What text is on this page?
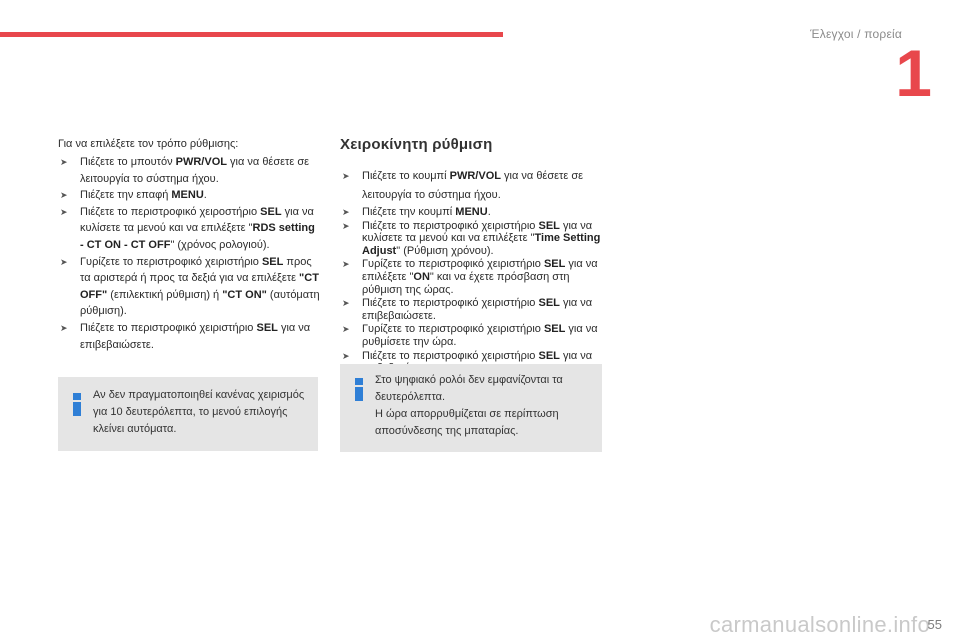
Έλεγχοι / πορεία
1

Για να επιλέξετε τον τρόπο ρύθμισης:

➤ Πιέζετε το μπουτόν PWR/VOL για να θέσετε σε λειτουργία το σύστημα ήχου.
➤ Πιέζετε την επαφή MENU.
➤ Πιέζετε το περιστροφικό χειροστήριο SEL για να κυλίσετε τα μενού και να επιλέξετε "RDS setting - CT ON - CT OFF" (χρόνος ρολογιού).
➤ Γυρίζετε το περιστροφικό χειριστήριο SEL προς τα αριστερά ή προς τα δεξιά για να επιλέξετε "CT OFF" (επιλεκτική ρύθμιση) ή "CT ON" (αυτόματη ρύθμιση).
➤ Πιέζετε το περιστροφικό χειριστήριο SEL για να επιβεβαιώσετε.

Αν δεν πραγματοποιηθεί κανένας χειρισμός για 10 δευτερόλεπτα, το μενού επιλογής κλείνει αυτόματα.

Χειροκίνητη ρύθμιση
➤ Πιέζετε το κουμπί PWR/VOL για να θέσετε σε λειτουργία το σύστημα ήχου.
➤ Πιέζετε την κουμπί MENU.
➤ Πιέζετε το περιστροφικό χειριστήριο SEL για να κυλίσετε τα μενού και να επιλέξετε "Time Setting Adjust" (Ρύθμιση χρόνου).
➤ Γυρίζετε το περιστροφικό χειριστήριο SEL για να επιλέξετε "ON" και να έχετε πρόσβαση στη ρύθμιση της ώρας.
➤ Πιέζετε το περιστροφικό χειριστήριο SEL για να επιβεβαιώσετε.
➤ Γυρίζετε το περιστροφικό χειριστήριο SEL για να ρυθμίσετε την ώρα.
➤ Πιέζετε το περιστροφικό χειριστήριο SEL για να

Στο ψηφιακό ρολόι δεν εμφανίζονται τα δευτερόλεπτα.

Η ώρα απορρυθμίζεται σε περίπτωση αποσύνδεσης της μπαταρίας.

carmanualsonline.info
55
